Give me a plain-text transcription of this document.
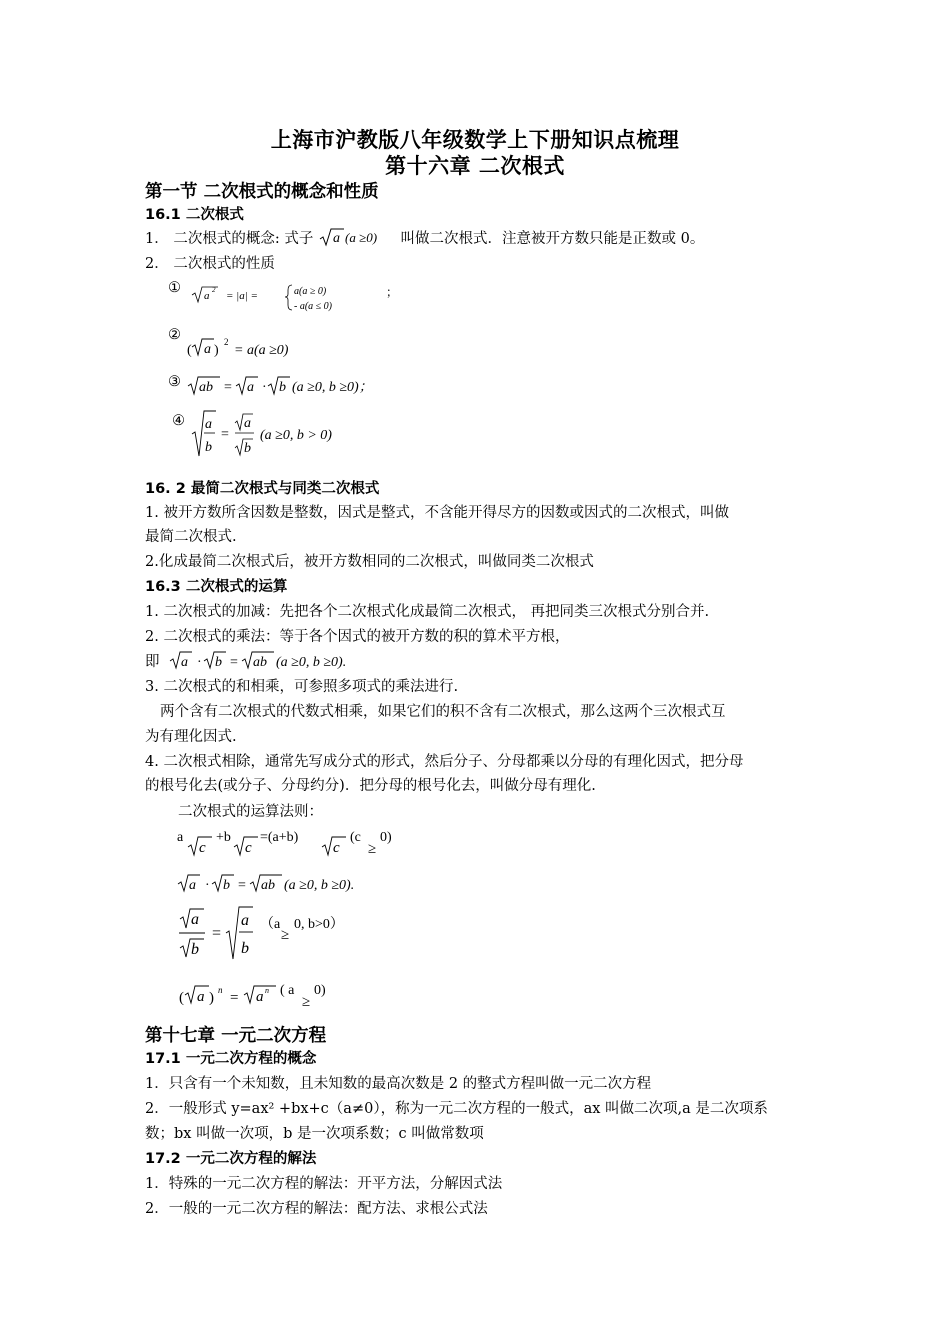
上海市沪教版八年级数学上下册知识点梳理
第十六章 二次根式
第一节 二次根式的概念和性质
16.1 二次根式
1． 二次根式的概念: 式子 a (a ≥0) 叫做二次根式．注意被开方数只能是正数或 0。
2． 二次根式的性质
① a 2 = |a| =	a(a ≥ 0)
- a(a ≤ 0)
；
②
( a )
2
= a(a ≥0)
③ ab = a · b (a ≥0, b ≥0)；
④ a
b
=
a
b
(a ≥0, b > 0)
16. 2 最简二次根式与同类二次根式
1. 被开方数所含因数是整数，因式是整式，不含能开得尽方的因数或因式的二次根式，叫做
最简二次根式.
2.化成最简二次根式后，被开方数相同的二次根式，叫做同类二次根式
16.3 二次根式的运算
1. 二次根式的加减：先把各个二次根式化成最简二次根式， 再把同类三次根式分别合并.
2. 二次根式的乘法：等于各个因式的被开方数的积的算术平方根，
即 a · b = ab (a ≥0, b ≥0).
3. 二次根式的和相乘，可参照多项式的乘法进行.
两个含有二次根式的代数式相乘，如果它们的积不含有二次根式，那么这两个三次根式互
为有理化因式.
4. 二次根式相除，通常先写成分式的形式，然后分子、分母都乘以分母的有理化因式，把分母
的根号化去(或分子、分母约分)．把分母的根号化去，叫做分母有理化.
二次根式的运算法则：
a
c
+b
c
=(a+b)
c
(c
≥
0)
a · b = ab (a ≥0, b ≥0).
a
b
=
a
b
（a
≥
0, b>0）
( a ) n = a n ( a
≥
0)
第十七章 一元二次方程
17.1 一元二次方程的概念
1．只含有一个未知数，且未知数的最高次数是 2 的整式方程叫做一元二次方程
2．一般形式 y=ax² +bx+c（a≠0），称为一元二次方程的一般式，ax 叫做二次项,a 是二次项系
数；bx 叫做一次项，b 是一次项系数；c 叫做常数项
17.2 一元二次方程的解法
1．特殊的一元二次方程的解法：开平方法，分解因式法
2．一般的一元二次方程的解法：配方法、求根公式法
